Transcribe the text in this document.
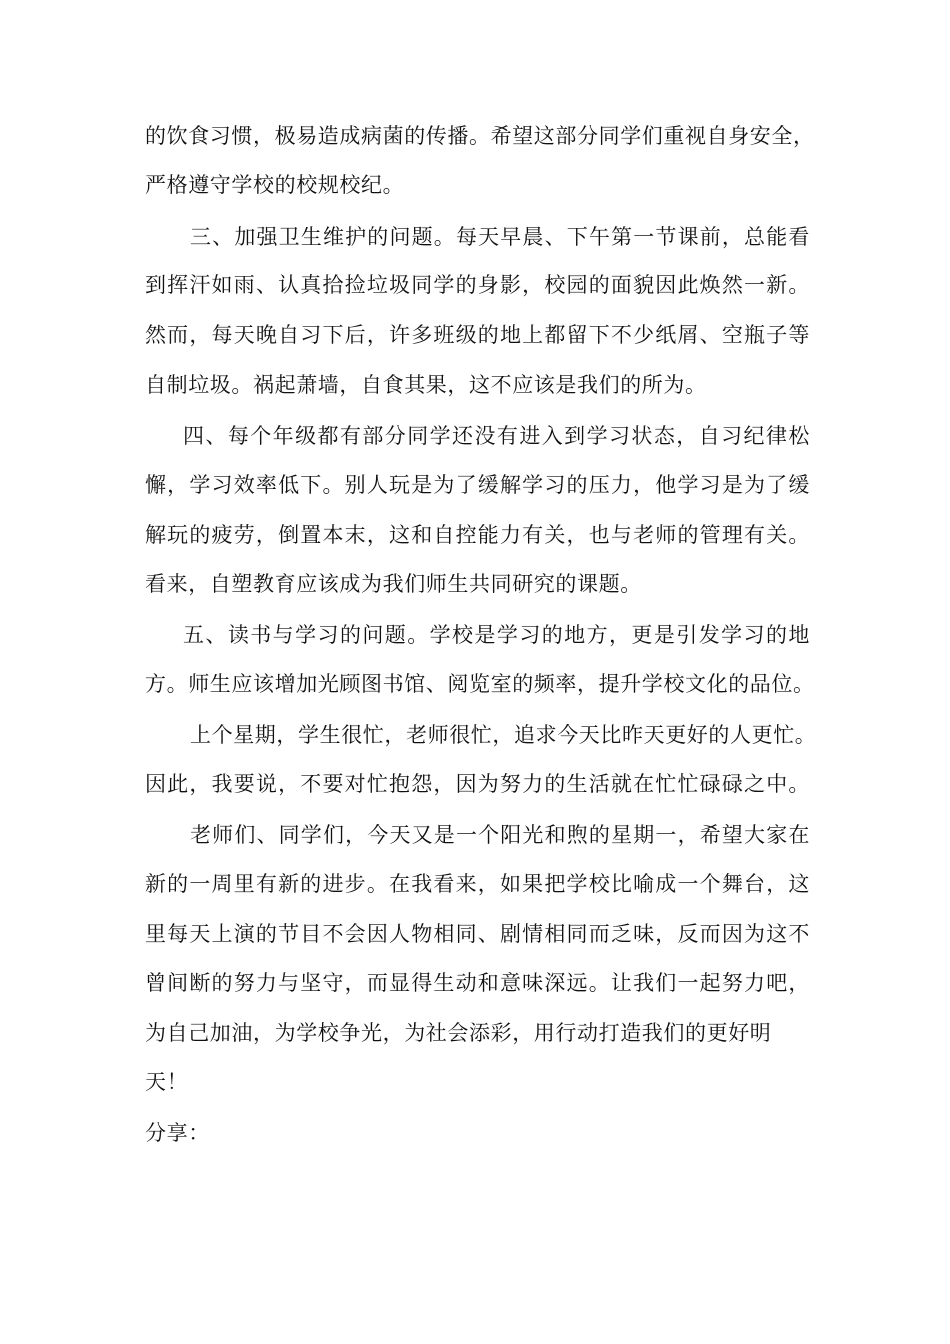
的饮食习惯，极易造成病菌的传播。希望这部分同学们重视自身安全，
严格遵守学校的校规校纪。
三、加强卫生维护的问题。每天早晨、下午第一节课前，总能看
到挥汗如雨、认真拾捡垃圾同学的身影，校园的面貌因此焕然一新。
然而，每天晚自习下后，许多班级的地上都留下不少纸屑、空瓶子等
自制垃圾。祸起萧墙，自食其果，这不应该是我们的所为。
四、每个年级都有部分同学还没有进入到学习状态，自习纪律松
懈，学习效率低下。别人玩是为了缓解学习的压力，他学习是为了缓
解玩的疲劳，倒置本末，这和自控能力有关，也与老师的管理有关。
看来，自塑教育应该成为我们师生共同研究的课题。
五、读书与学习的问题。学校是学习的地方，更是引发学习的地
方。师生应该增加光顾图书馆、阅览室的频率，提升学校文化的品位。
上个星期，学生很忙，老师很忙，追求今天比昨天更好的人更忙。
因此，我要说，不要对忙抱怨，因为努力的生活就在忙忙碌碌之中。
老师们、同学们，今天又是一个阳光和煦的星期一，希望大家在
新的一周里有新的进步。在我看来，如果把学校比喻成一个舞台，这
里每天上演的节目不会因人物相同、剧情相同而乏味，反而因为这不
曾间断的努力与坚守，而显得生动和意味深远。让我们一起努力吧，
为自己加油，为学校争光，为社会添彩，用行动打造我们的更好明
天！
分享：
